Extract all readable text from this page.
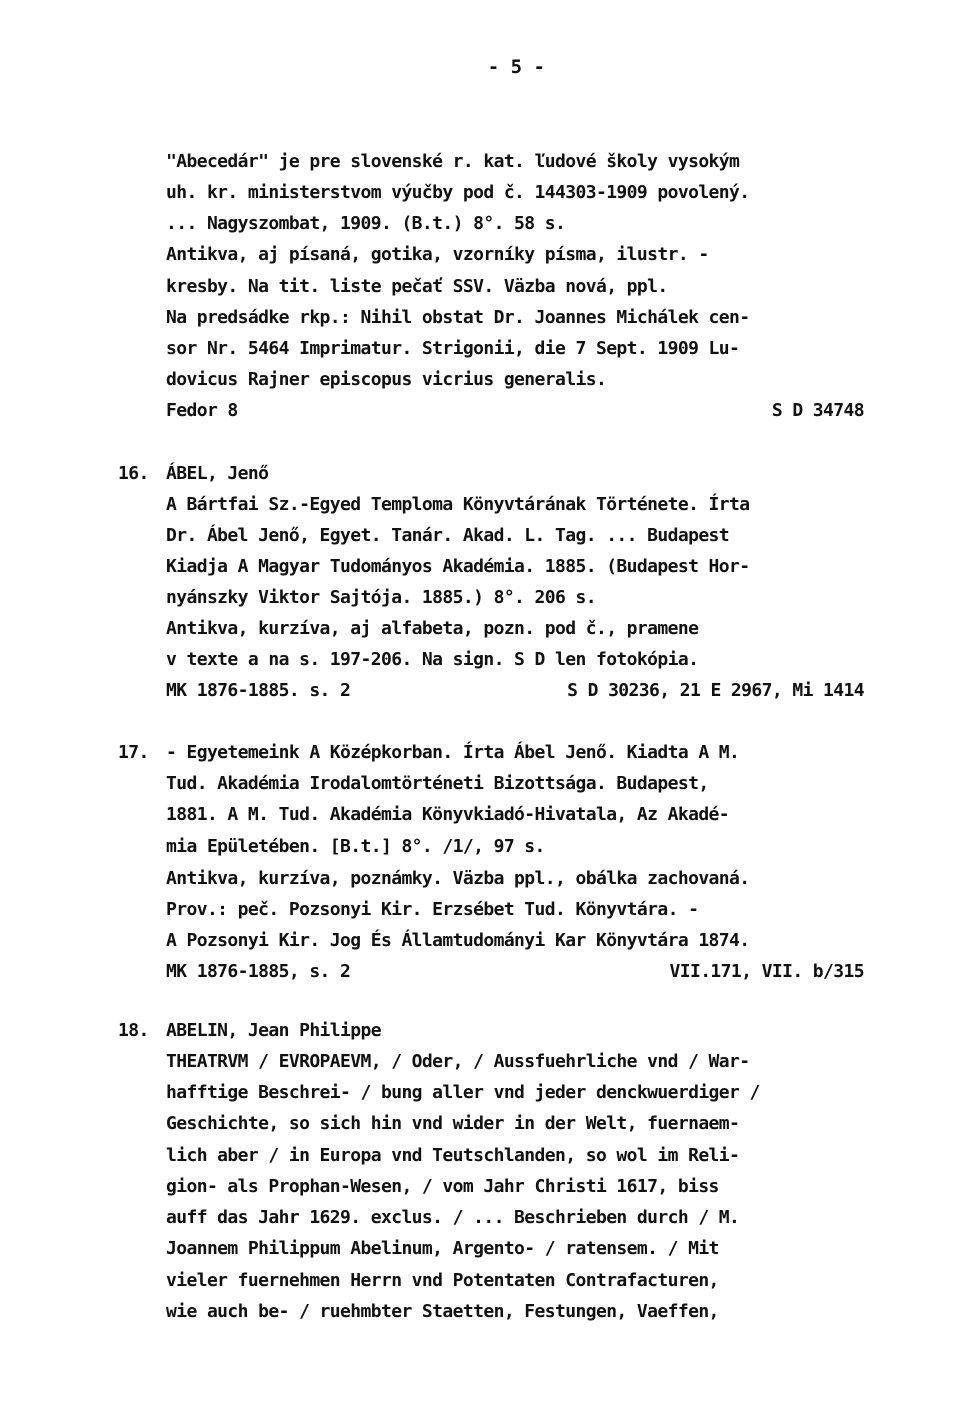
- 5 -
"Abecedár" je pre slovenské r. kat. ľudové školy vysokým
uh. kr. ministerstvom výučby pod č. 144303-1909 povolený.
... Nagyszombat, 1909. (B.t.) 8°. 58 s.
Antikva, aj písaná, gotika, vzorníky písma, ilustr. -
kresby. Na tit. liste pečať SSV. Väzba nová, ppl.
Na predsádke rkp.: Nihil obstat Dr. Joannes Michálek cen-
sor Nr. 5464 Imprimatur. Strigonii, die 7 Sept. 1909 Lu-
dovicus Rajner episcopus vicrius generalis.
Fedor 8	S D 34748
16. ÁBEL, Jenő
A Bártfai Sz.-Egyed Temploma Könyvtárának Története. Írta
Dr. Ábel Jenő, Egyet. Tanár. Akad. L. Tag. ... Budapest
Kiadja A Magyar Tudományos Akadémia. 1885. (Budapest Hor-
nyánszky Viktor Sajtója. 1885.) 8°. 206 s.
Antikva, kurzíva, aj alfabeta, pozn. pod č., pramene
v texte a na s. 197-206. Na sign. S D len fotokópia.
MK 1876-1885. s. 2	S D 30236, 21 E 2967, Mi 1414
17. - Egyetemeink A Középkorban. Írta Ábel Jenő. Kiadta A M.
Tud. Akadémia Irodalomtörténeti Bizottsága. Budapest,
1881. A M. Tud. Akadémia Könyvkiadó-Hivatala, Az Akadé-
mia Epületében. [B.t.] 8°. /1/, 97 s.
Antikva, kurzíva, poznámky. Väzba ppl., obálka zachovaná.
Prov.: peč. Pozsonyi Kir. Erzsébet Tud. Könyvtára. -
A Pozsonyi Kir. Jog És Államtudományi Kar Könyvtára 1874.
MK 1876-1885, s. 2	VII.171, VII. b/315
18. ABELIN, Jean Philippe
THEATRVM / EVROPAEVM, / Oder, / Aussfuehrliche vnd / War-
hafftige Beschrei- / bung aller vnd jeder denckwuerdiger /
Geschichte, so sich hin vnd wider in der Welt, fuernaem-
lich aber / in Europa vnd Teutschlanden, so wol im Reli-
gion- als Prophan-Wesen, / vom Jahr Christi 1617, biss
auff das Jahr 1629. exclus. / ... Beschrieben durch / M.
Joannem Philippum Abelinum, Argento- / ratensem. / Mit
vieler fuernehmen Herrn vnd Potentaten Contrafacturen,
wie auch be- / ruehmbter Staetten, Festungen, Vaeffen,
